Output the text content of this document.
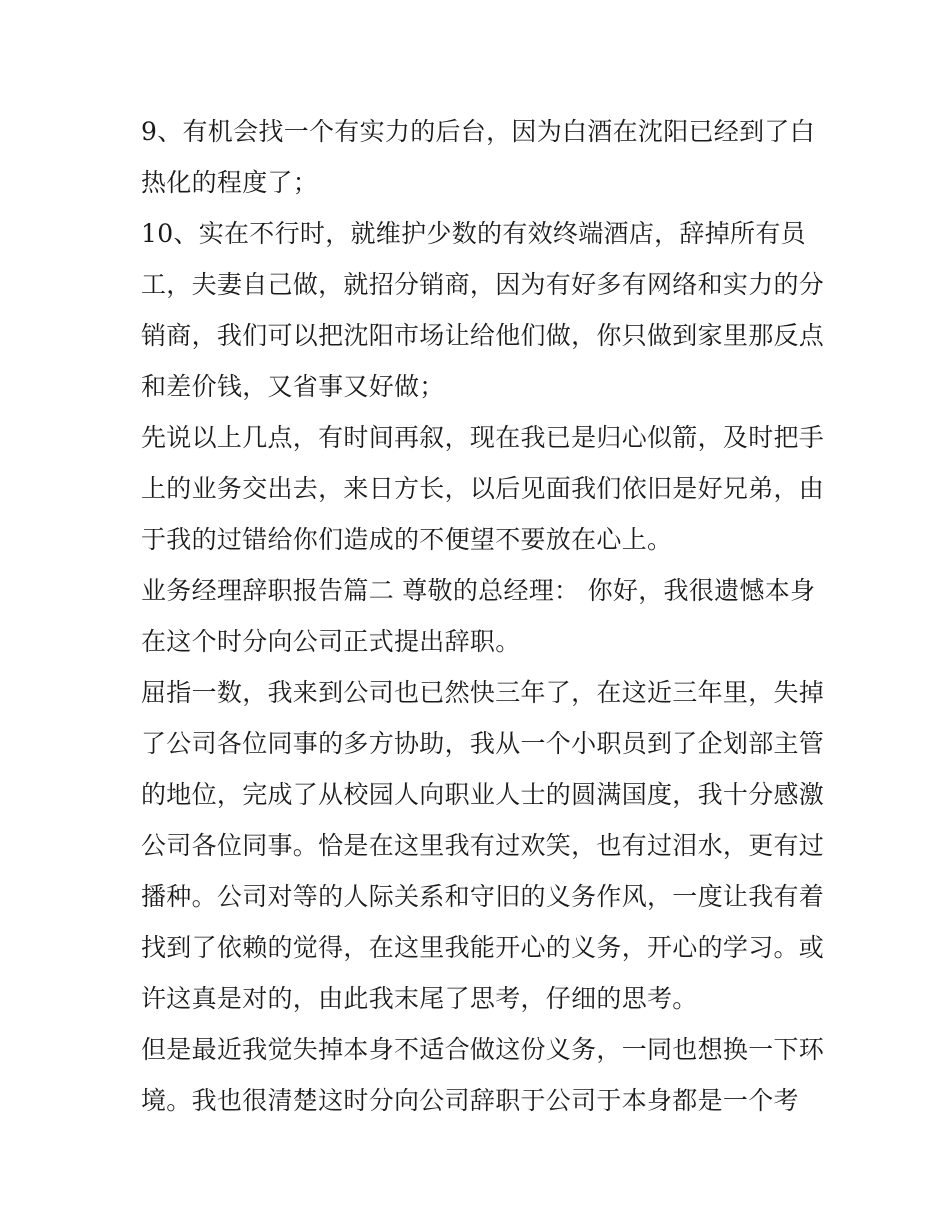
9、有机会找一个有实力的后台，因为白酒在沈阳已经到了白
热化的程度了；
10、实在不行时，就维护少数的有效终端酒店，辞掉所有员
工，夫妻自己做，就招分销商，因为有好多有网络和实力的分
销商，我们可以把沈阳市场让给他们做，你只做到家里那反点
和差价钱，又省事又好做；
先说以上几点，有时间再叙，现在我已是归心似箭，及时把手
上的业务交出去，来日方长，以后见面我们依旧是好兄弟，由
于我的过错给你们造成的不便望不要放在心上。
业务经理辞职报告篇二 尊敬的总经理： 你好，我很遗憾本身
在这个时分向公司正式提出辞职。
屈指一数，我来到公司也已然快三年了，在这近三年里，失掉
了公司各位同事的多方协助，我从一个小职员到了企划部主管
的地位，完成了从校园人向职业人士的圆满国度，我十分感激
公司各位同事。恰是在这里我有过欢笑，也有过泪水，更有过
播种。公司对等的人际关系和守旧的义务作风，一度让我有着
找到了依赖的觉得，在这里我能开心的义务，开心的学习。或
许这真是对的，由此我末尾了思考，仔细的思考。
但是最近我觉失掉本身不适合做这份义务，一同也想换一下环
境。我也很清楚这时分向公司辞职于公司于本身都是一个考
